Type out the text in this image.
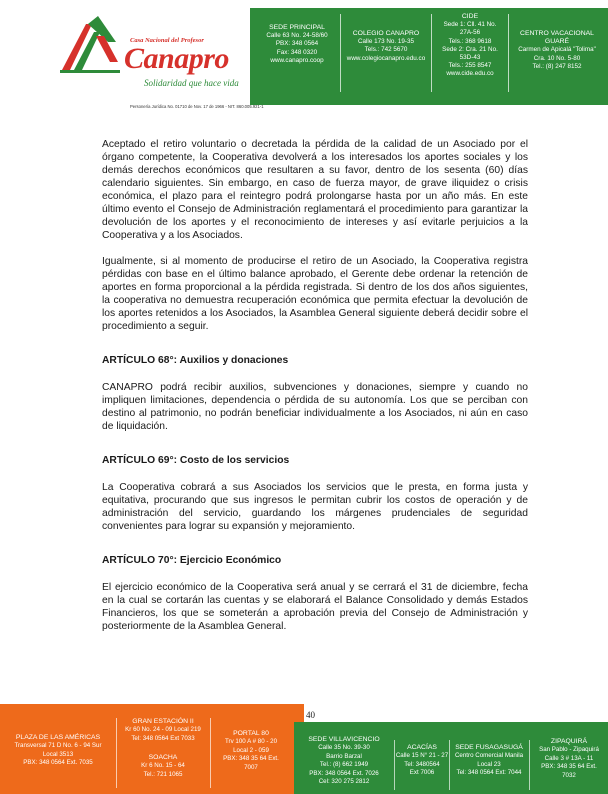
Casa Nacional del Profesor
Canapro
Solidaridad que hace vida
Personería Jurídica No. 01710 de Nov. 17 de 1966 - NIT. 860.005.921-1
SEDE PRINCIPAL
Calle 63 No. 24-58/60
PBX: 348 0564
Fax: 348 0320
www.canapro.coop
COLEGIO CANAPRO
Calle 173 No. 19-35
Tels.: 742 5670
www.colegiocanapro.edu.co
CIDE
Sede 1: Cll. 41 No.
27A-56
Tels.: 368 9618
Sede 2: Cra. 21 No.
53D-43
Tels.: 255 8547
www.cide.edu.co
CENTRO VACACIONAL GUARÉ
Carmen de Apicalá "Tolima"
Cra. 10 No. 5-80
Tel.: (8) 247 8152

Aceptado el retiro voluntario o decretada la pérdida de la calidad de un Asociado por el órgano competente, la Cooperativa devolverá a los interesados los aportes sociales y los demás derechos económicos que resultaren a su favor, dentro de los sesenta (60) días calendario siguientes. Sin embargo, en caso de fuerza mayor, de grave iliquidez o crisis económica, el plazo para el reintegro podrá prolongarse hasta por un año más. En este último evento el Consejo de Administración reglamentará el procedimiento para garantizar la devolución de los aportes y el reconocimiento de intereses y así evitarle perjuicios a la Cooperativa y a los Asociados.

Igualmente, si al momento de producirse el retiro de un Asociado, la Cooperativa registra pérdidas con base en el último balance aprobado, el Gerente debe ordenar la retención de aportes en forma proporcional a la pérdida registrada. Si dentro de los dos años siguientes, la cooperativa no demuestra recuperación económica que permita efectuar la devolución de los aportes retenidos a los Asociados, la Asamblea General siguiente deberá decidir sobre el procedimiento a seguir.

ARTÍCULO 68°: Auxilios y donaciones

CANAPRO podrá recibir auxilios, subvenciones y donaciones, siempre y cuando no impliquen limitaciones, dependencia o pérdida de su autonomía. Los que se perciban con destino al patrimonio, no podrán beneficiar individualmente a los Asociados, ni aún en caso de liquidación.

ARTÍCULO 69°: Costo de los servicios

La Cooperativa cobrará a sus Asociados los servicios que le presta, en forma justa y equitativa, procurando que sus ingresos le permitan cubrir los costos de operación y de administración del servicio, guardando los márgenes prudenciales de seguridad convenientes para lograr su expansión y mejoramiento.

ARTÍCULO 70°: Ejercicio Económico

El ejercicio económico de la Cooperativa será anual y se cerrará el 31 de diciembre, fecha en la cual se cortarán las cuentas y se elaborará el Balance Consolidado y demás Estados Financieros, los que se someterán a aprobación previa del Consejo de Administración y posteriormente de la Asamblea General.

40
PLAZA DE LAS AMÉRICAS
Transversal 71 D No. 6 - 94 Sur
Local 3513
PBX: 348 0564 Ext. 7035
GRAN ESTACIÓN II
Kr 60 No. 24 - 09 Local 219
Tel: 348 0564 Ext 7033
SOACHA
Kr 6 No. 15 - 64
Tel.: 721 1065
PORTAL 80
Trv 100 A # 80 - 20
Local 2 - 059
PBX: 348 35 64 Ext.
7007
SEDE VILLAVICENCIO
Calle 35 No. 39-30
Barrio Barzal
Tel.: (8) 662 1949
PBX: 348 0564 Ext. 7026
Cel: 320 275 2812
ACACÍAS
Calle 15 N° 21 - 27
Tel: 3480564
Ext 7006
SEDE FUSAGASUGÁ
Centro Comercial Manila
Local 23
Tel: 348 0564 Ext: 7044
ZIPAQUIRÁ
San Pablo - Zipaquirá
Calle 3 # 13A - 11
PBX: 348 35 64 Ext.
7032
